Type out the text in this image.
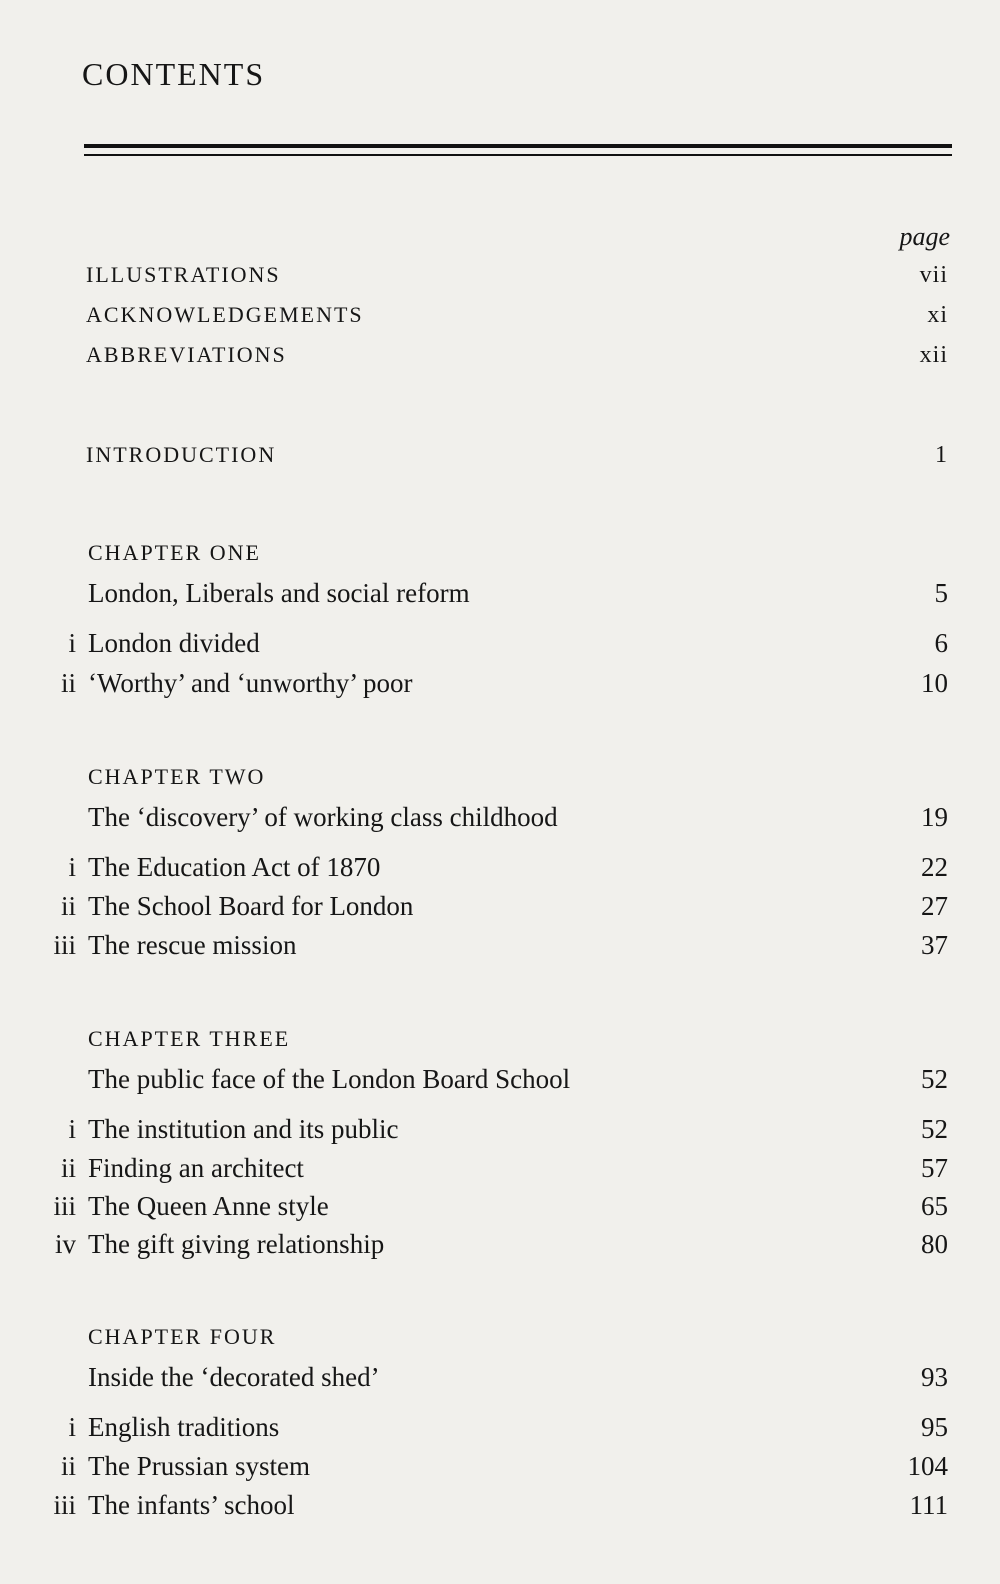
CONTENTS
page
ILLUSTRATIONS	vii
ACKNOWLEDGEMENTS	xi
ABBREVIATIONS	xii
INTRODUCTION	1
CHAPTER ONE
London, Liberals and social reform	5
i London divided	6
ii ‘Worthy’ and ‘unworthy’ poor	10
CHAPTER TWO
The ‘discovery’ of working class childhood	19
i The Education Act of 1870	22
ii The School Board for London	27
iii The rescue mission	37
CHAPTER THREE
The public face of the London Board School	52
i The institution and its public	52
ii Finding an architect	57
iii The Queen Anne style	65
iv The gift giving relationship	80
CHAPTER FOUR
Inside the ‘decorated shed’	93
i English traditions	95
ii The Prussian system	104
iii The infants’ school	111
